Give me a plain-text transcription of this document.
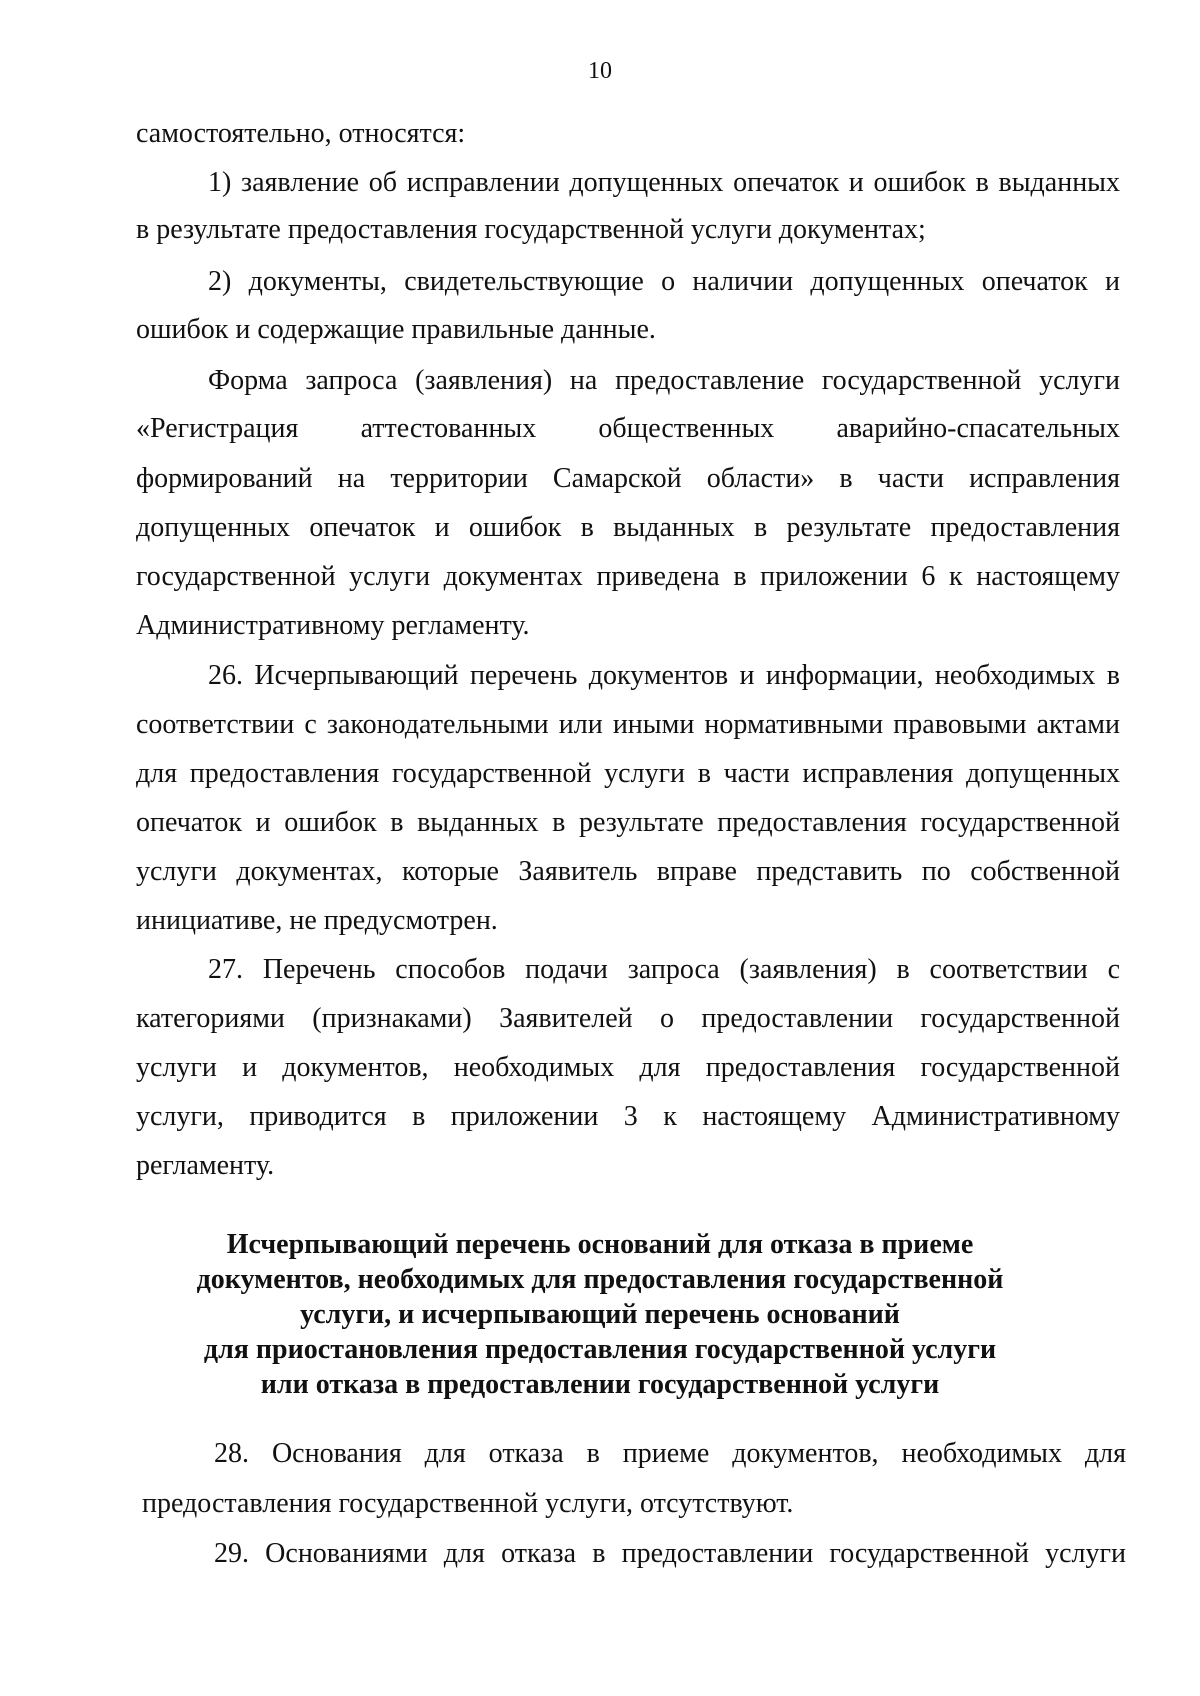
10
самостоятельно, относятся:
1) заявление об исправлении допущенных опечаток и ошибок в выданных
в результате предоставления государственной услуги документах;
2) документы, свидетельствующие о наличии допущенных опечаток и
ошибок и содержащие правильные данные.
Форма запроса (заявления) на предоставление государственной услуги
«Регистрация аттестованных общественных аварийно-спасательных
формирований на территории Самарской области» в части исправления
допущенных опечаток и ошибок в выданных в результате предоставления
государственной услуги документах приведена в приложении 6 к настоящему
Административному регламенту.
26. Исчерпывающий перечень документов и информации, необходимых в
соответствии с законодательными или иными нормативными правовыми актами
для предоставления государственной услуги в части исправления допущенных
опечаток и ошибок в выданных в результате предоставления государственной
услуги документах, которые Заявитель вправе представить по собственной
инициативе, не предусмотрен.
27. Перечень способов подачи запроса (заявления) в соответствии с
категориями (признаками) Заявителей о предоставлении государственной
услуги и документов, необходимых для предоставления государственной
услуги, приводится в приложении 3 к настоящему Административному
регламенту.
Исчерпывающий перечень оснований для отказа в приеме
документов, необходимых для предоставления государственной
услуги, и исчерпывающий перечень оснований
для приостановления предоставления государственной услуги
или отказа в предоставлении государственной услуги
28. Основания для отказа в приеме документов, необходимых для
предоставления государственной услуги, отсутствуют.
29. Основаниями для отказа в предоставлении государственной услуги
